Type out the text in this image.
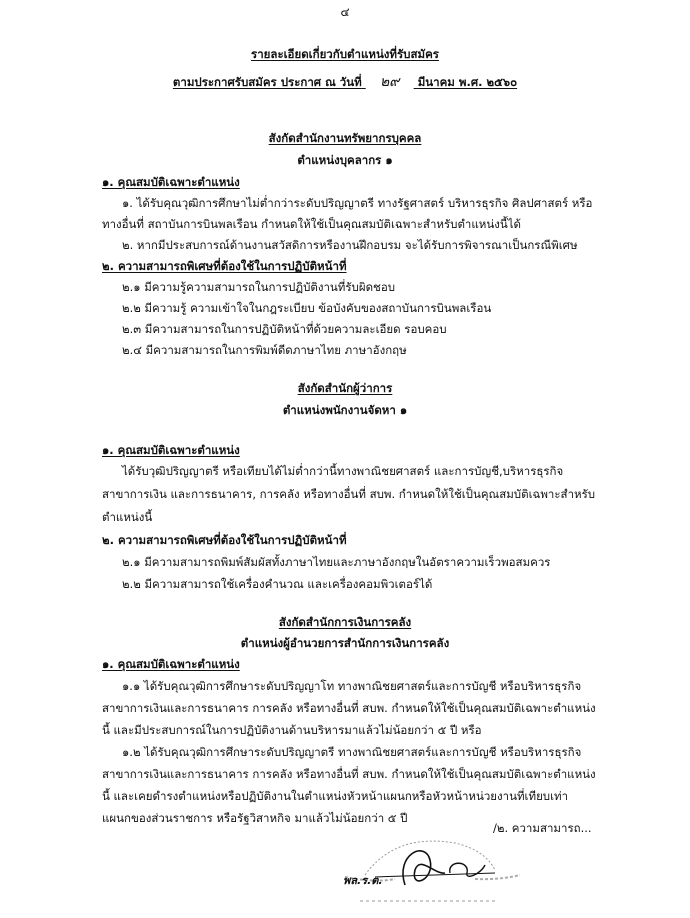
๔
รายละเอียดเกี่ยวกับตำแหน่งที่รับสมัคร
ตามประกาศรับสมัคร ประกาศ ณ วันที่ ๒๙ มีนาคม พ.ศ. ๒๕๖๐
สังกัดสำนักงานทรัพยากรบุคคล
ตำแหน่งบุคลากร ๑
๑. คุณสมบัติเฉพาะตำแหน่ง
๑. ได้รับคุณวุฒิการศึกษาไม่ต่ำกว่าระดับปริญญาตรี ทางรัฐศาสตร์ บริหารธุรกิจ ศิลปศาสตร์ หรือ
ทางอื่นที่ สถาบันการบินพลเรือน กำหนดให้ใช้เป็นคุณสมบัติเฉพาะสำหรับตำแหน่งนี้ได้
๒. หากมีประสบการณ์ด้านงานสวัสดิการหรืองานฝึกอบรม จะได้รับการพิจารณาเป็นกรณีพิเศษ
๒. ความสามารถพิเศษที่ต้องใช้ในการปฏิบัติหน้าที่
๒.๑ มีความรู้ความสามารถในการปฏิบัติงานที่รับผิดชอบ
๒.๒ มีความรู้ ความเข้าใจในกฎระเบียบ ข้อบังคับของสถาบันการบินพลเรือน
๒.๓ มีความสามารถในการปฏิบัติหน้าที่ด้วยความละเอียด รอบคอบ
๒.๔ มีความสามารถในการพิมพ์ดีดภาษาไทย ภาษาอังกฤษ
สังกัดสำนักผู้ว่าการ
ตำแหน่งพนักงานจัดหา ๑
๑. คุณสมบัติเฉพาะตำแหน่ง
ได้รับวุฒิปริญญาตรี หรือเทียบได้ไม่ต่ำกว่านี้ทางพาณิชยศาสตร์ และการบัญชี,บริหารธุรกิจ
สาขาการเงิน และการธนาคาร, การคลัง หรือทางอื่นที่ สบพ. กำหนดให้ใช้เป็นคุณสมบัติเฉพาะสำหรับ
ตำแหน่งนี้
๒. ความสามารถพิเศษที่ต้องใช้ในการปฏิบัติหน้าที่
๒.๑ มีความสามารถพิมพ์สัมผัสทั้งภาษาไทยและภาษาอังกฤษในอัตราความเร็วพอสมควร
๒.๒ มีความสามารถใช้เครื่องคำนวณ และเครื่องคอมพิวเตอร์ได้
สังกัดสำนักการเงินการคลัง
ตำแหน่งผู้อำนวยการสำนักการเงินการคลัง
๑. คุณสมบัติเฉพาะตำแหน่ง
๑.๑ ได้รับคุณวุฒิการศึกษาระดับปริญญาโท ทางพาณิชยศาสตร์และการบัญชี หรือบริหารธุรกิจ
สาขาการเงินและการธนาคาร การคลัง หรือทางอื่นที่ สบพ. กำหนดให้ใช้เป็นคุณสมบัติเฉพาะตำแหน่ง
นี้ และมีประสบการณ์ในการปฏิบัติงานด้านบริหารมาแล้วไม่น้อยกว่า ๕ ปี หรือ
๑.๒ ได้รับคุณวุฒิการศึกษาระดับปริญญาตรี ทางพาณิชยศาสตร์และการบัญชี หรือบริหารธุรกิจ
สาขาการเงินและการธนาคาร การคลัง หรือทางอื่นที่ สบพ. กำหนดให้ใช้เป็นคุณสมบัติเฉพาะตำแหน่ง
นี้ และเคยดำรงตำแหน่งหรือปฏิบัติงานในตำแหน่งหัวหน้าแผนกหรือหัวหน้าหน่วยงานที่เทียบเท่า
แผนกของส่วนราชการ หรือรัฐวิสาหกิจ มาแล้วไม่น้อยกว่า ๕ ปี
/๒. ความสามารถ...
พล.ร.ต.
